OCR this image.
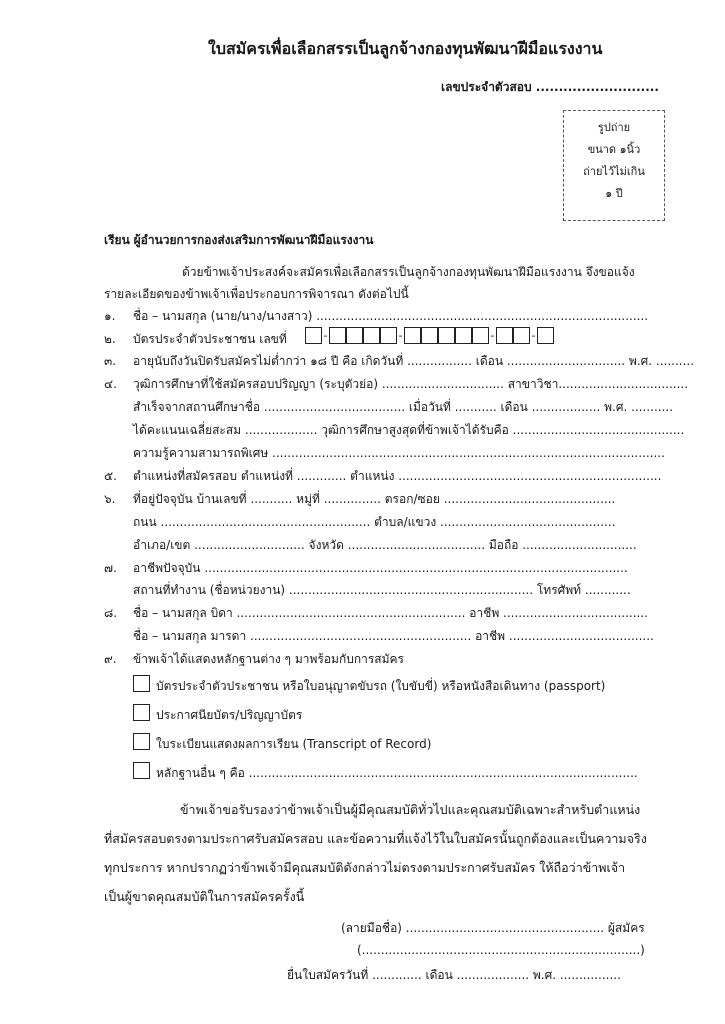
ใบสมัครเพื่อเลือกสรรเป็นลูกจ้างกองทุนพัฒนาฝีมือแรงงาน
เลขประจำตัวสอบ ...........................
รูปถ่าย
ขนาด ๑นิ้ว
ถ่ายไว้ไม่เกิน
๑ ปี
เรียน ผู้อำนวยการกองส่งเสริมการพัฒนาฝีมือแรงงาน
ด้วยข้าพเจ้าประสงค์จะสมัครเพื่อเลือกสรรเป็นลูกจ้างกองทุนพัฒนาฝีมือแรงงาน จึงขอแจ้ง
รายละเอียดของข้าพเจ้าเพื่อประกอบการพิจารณา ดังต่อไปนี้
๑. ชื่อ – นามสกุล (นาย/นาง/นางสาว) .......................................................................................
๒. บัตรประจำตัวประชาชน เลขที่	-	-	-	-
๓. อายุนับถึงวันปิดรับสมัครไม่ต่ำกว่า ๑๘ ปี คือ เกิดวันที่ ................. เดือน ............................... พ.ศ. ..........
๔. วุฒิการศึกษาที่ใช้สมัครสอบปริญญา (ระบุตัวย่อ) ................................ สาขาวิชา..................................
สำเร็จจากสถานศึกษาชื่อ ..................................... เมื่อวันที่ ........... เดือน .................. พ.ศ. ...........
ได้คะแนนเฉลี่ยสะสม ................... วุฒิการศึกษาสูงสุดที่ข้าพเจ้าได้รับคือ .............................................
ความรู้ความสามารถพิเศษ .......................................................................................................
๕. ตำแหน่งที่สมัครสอบ ตำแหน่งที่ ............. ตำแหน่ง .....................................................................
๖. ที่อยู่ปัจจุบัน บ้านเลขที่ ........... หมู่ที่ ............... ตรอก/ซอย .............................................
ถนน ....................................................... ตำบล/แขวง ..............................................
อำเภอ/เขต ............................. จังหวัด .................................... มือถือ ..............................
๗. อาชีพปัจจุบัน ...............................................................................................................
สถานที่ทำงาน (ชื่อหน่วยงาน) ................................................................ โทรศัพท์ ............
๘. ชื่อ – นามสกุล บิดา ............................................................ อาชีพ ......................................
ชื่อ – นามสกุล มารดา .......................................................... อาชีพ ......................................
๙. ข้าพเจ้าได้แสดงหลักฐานต่าง ๆ มาพร้อมกับการสมัคร
บัตรประจำตัวประชาชน หรือใบอนุญาตขับรถ (ใบขับขี่) หรือหนังสือเดินทาง (passport)
ประกาศนียบัตร/ปริญญาบัตร
ใบระเบียนแสดงผลการเรียน (Transcript of Record)
หลักฐานอื่น ๆ คือ ......................................................................................................
ข้าพเจ้าขอรับรองว่าข้าพเจ้าเป็นผู้มีคุณสมบัติทั่วไปและคุณสมบัติเฉพาะสำหรับตำแหน่ง
ที่สมัครสอบตรงตามประกาศรับสมัครสอบ และข้อความที่แจ้งไว้ในใบสมัครนั้นถูกต้องและเป็นความจริง
ทุกประการ หากปรากฏว่าข้าพเจ้ามีคุณสมบัติดังกล่าวไม่ตรงตามประกาศรับสมัคร ให้ถือว่าข้าพเจ้า
เป็นผู้ขาดคุณสมบัติในการสมัครครั้งนี้
(ลายมือชื่อ) .................................................... ผู้สมัคร
(.........................................................................)
ยื่นใบสมัครวันที่ ............. เดือน ................... พ.ศ. ................
